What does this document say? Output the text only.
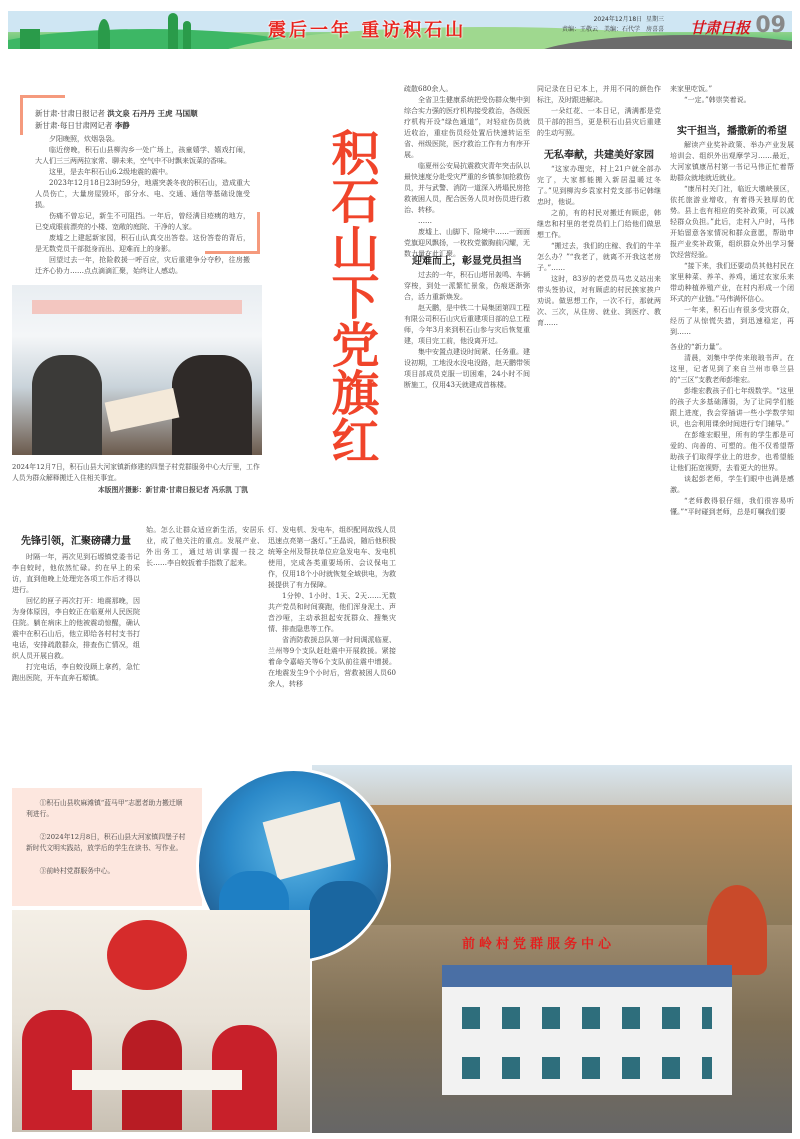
震后一年 重访积石山
2024年12月18日 星期三
责编：王敬云　美编：石代学　房喜喜 甘肃日报 09
新甘肃·甘肃日报记者 洪文泉 石丹丹 王虎 马国顺
新甘肃·每日甘肃网记者 李静

夕阳晚照，炊烟袅袅。

临近傍晚，积石山县柳沟乡一处广场上，孩童嬉学、嬉戏打闹，大人们三三两两拉家常、聊未来，空气中不时飘来饭菜的香味。

这里，是去年积石山6.2级地震的震中。

2023年12月18日23时59分，地震突袭冬夜的积石山，造成重大人员伤亡，大量房屋毁坏，部分水、电、交通、通信等基础设施受损。

伤痛不曾忘记，新生不可阻挡。一年后，曾经满目疮痍的地方，已变成眼前漂亮的小楼、宽敞的庭院、干净的人家。

废墟之上建起新家园，积石山认真交出答卷。这份答卷的背后，是无数党员干部挺身而出、迎难而上的身影。

回望过去一年，抢险救援一呼百应，灾后重建争分夺秒，往房搬迁齐心协力……点点滴滴汇聚，始终让人感动。	积石山下党旗红
2024年12月7日，积石山县大河家镇新修建的四堡子村党群服务中心大厅里，工作人员为群众解释搬迁入住相关事宜。
本版图片摄影：新甘肃·甘肃日报记者 冯乐凯 丁凯
先锋引领，汇聚磅礴力量

时隔一年，再次见到石塬镇党委书记李自蛟时，他依然忙碌。约在早上的采访，直到他晚上处理完各项工作后才得以进行。

回忆的匣子再次打开：地震那晚，因为身体原因，李自蛟正在临夏州人民医院住院。躺在病床上的他被震动惊醒，确认震中在积石山后，他立即给各村村支书打电话，安排疏散群众，排查伤亡情况，组织人员开展自救。

打完电话，李自蛟没顾上拿药，急忙跑出医院，开车直奔石塬镇。

始。怎么让群众适应新生活，安居乐业，成了他关注的重点。发展产业、外出务工，通过培训掌握一技之长……李自蛟扳着手指数了起来。

灯、发电机、发电车，组织配网故线人员迅速点亮第一盏灯。”王晶说，随后他积极统筹全州及帮扶单位应急发电车、发电机使用，完成各类重要场所、会议保电工作，仅用18个小时就恢复全域供电，为救援提供了有力保障。

1分钟、1小时、1天、2天……无数共产党员和时间赛跑，他们浑身泥土、声音沙哑，主动承担起安抚群众、搜集灾情、排查隐患等工作。

省消防救援总队第一时间调派临夏、兰州等9个支队赶赴震中开展救援。紧接着命令嘉峪关等6个支队前往震中增援。在地震发生9个小时后，营救被困人员60余人，转移

疏散680余人。

全省卫生健康系统把受伤群众集中到综合实力强的医疗机构接受救治，各级医疗机构开设“绿色通道”，对轻症伤员就近收治，重症伤员经处置后快速转运至省、州级医院，医疗救治工作有力有序开展。

临夏州公安局抗震救灾青年突击队以最快速度分赴受灾严重的乡镇参加抢救伤员，并与武警、消防一道深入坍塌民房抢救被困人员，配合医务人员对伤员进行救治、转移。

……

废墟上、山脚下、险境中……一面面党旗迎风飘扬，一枚枚党徽胸前闪耀，无数力量在此汇聚。

迎难而上，彰显党员担当

过去的一年，积石山塔吊轰鸣、车辆穿梭，到处一派繁忙景象，伤痕逐渐弥合，活力重新焕发。

赵天鹏，是中铁二十局集团第四工程有限公司积石山灾后重建项目部的总工程师，今年3月来到积石山参与灾后恢复重建，项目完工前，他没离开过。

集中安置点建设时间紧、任务重。建设初期，工地没水没电没路，赵天鹏带领项目部成员克服一切困难，24小时不间断施工，仅用43天就建成首栋楼。

同记录在日记本上，并用不同的颜色作标注，及时跟进解决。

一朵红花、一本日记，满满都是党员干部的担当，更是积石山县灾后重建的生动写照。

无私奉献，共建美好家园

“这家办理完，村上21户就全部办完了，大家都能搬入新居温暖过冬了。”见到柳沟乡袁家村党支部书记韩继忠时，他说。

之前，有的村民对搬迁有顾虑，韩继忠和村里的老党员们上门给他们做思想工作。

“搬过去，我们的庄稼、我们的牛羊怎么办？”“我老了，就离不开我这老房子。”……

这时，83岁的老党员马忠义站出来带头签协议，对有顾虑的村民挨家挨户劝说。做思想工作，一次不行，那就两次、三次，从住房、就业、到医疗、教育……

来家里吃饭。”

“一定。”韩崇笑着说。

实干担当，播撒新的希望

解读产业奖补政策、举办产业发展培训会、组织外出观摩学习……最近，大河家镇康吊村第一书记马伟正忙着帮助群众就地就近就业。

“康吊村关门社，临近大墩峡景区，依托旅游业增收，有着得天独厚的优势。县上也有相应的奖补政策，可以减轻群众负担。”此后，走村入户时，马伟开始留意各家情况和群众意愿，帮助申报产业奖补政策，组织群众外出学习餐饮经营经验。

“接下来，我们还要动员其他村民在家里种菜、养羊、养鸡，通过农家乐来带动种植养殖产业，在村内形成一个闭环式的产业链。”马伟满怀信心。

一年来，积石山有很多受灾群众，经历了从惊慌失措，到迅速稳定，再到……

各业的“新力量”。

清晨，刘集中学传来琅琅书声。在这里，记者见到了来自兰州市皋兰县的“三区”支教老师彭维宏。

彭维宏教孩子们七年级数学。“这里的孩子大多基础薄弱，为了让同学们能跟上进度，我会穿插讲一些小学数学知识，也会利用课余时间进行专门辅导。”

在彭维宏眼里，所有的学生都是可爱的、向善的、可塑的。他不仅希望帮助孩子们取得学业上的进步，也希望能让他们拓宽视野，去看更大的世界。

谈起彭老师，学生们眼中也满是感激。

“老师教得很仔细，我们很容易听懂。”“平时碰到老师，总是叮嘱我们要

前岭村党群服务中心
①积石山县吹麻滩镇“蓝马甲”志愿者助力搬迁顺利进行。
②2024年12月8日，积石山县大河家镇四堡子村新时代文明实践站，放学后的学生在读书、写作业。
③前岭村党群服务中心。
